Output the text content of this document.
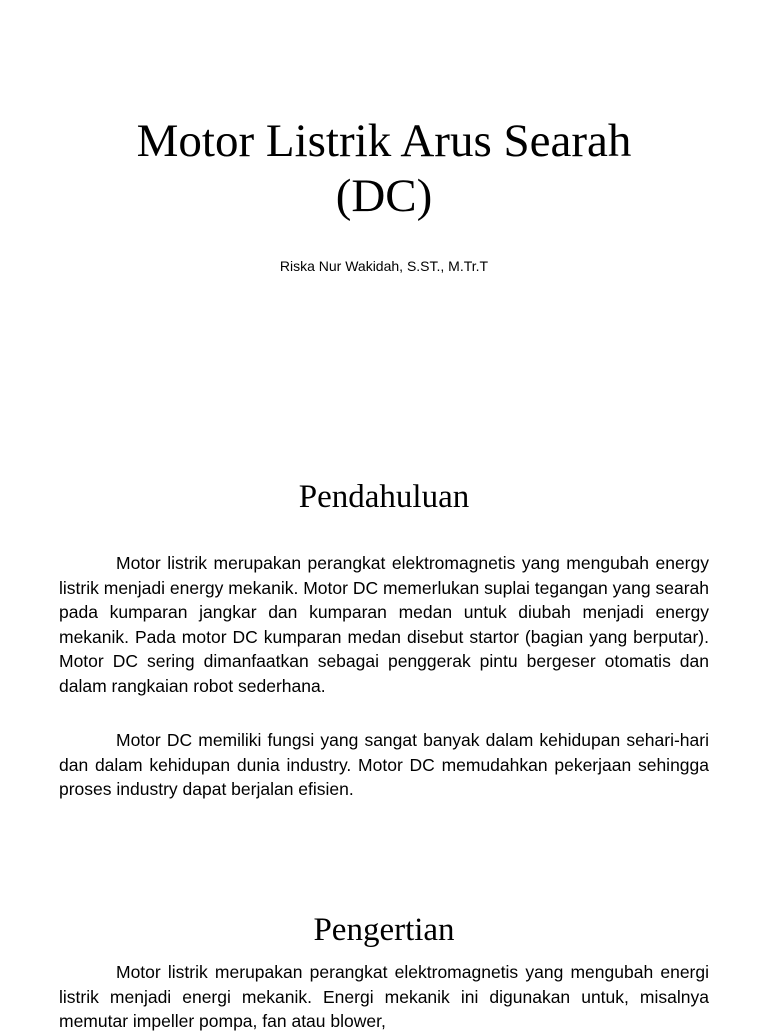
Motor Listrik Arus Searah
(DC)
Riska Nur Wakidah, S.ST., M.Tr.T
Pendahuluan

Motor listrik merupakan perangkat elektromagnetis yang mengubah energy listrik menjadi energy mekanik. Motor DC memerlukan suplai tegangan yang searah pada kumparan jangkar dan kumparan medan untuk diubah menjadi energy mekanik. Pada motor DC kumparan medan disebut startor (bagian yang berputar). Motor DC sering dimanfaatkan sebagai penggerak pintu bergeser otomatis dan dalam rangkaian robot sederhana.

Motor DC memiliki fungsi yang sangat banyak dalam kehidupan sehari-hari dan dalam kehidupan dunia industry. Motor DC memudahkan pekerjaan sehingga proses industry dapat berjalan efisien.

Pengertian

Motor listrik merupakan perangkat elektromagnetis yang mengubah energi listrik menjadi energi mekanik. Energi mekanik ini digunakan untuk, misalnya memutar impeller pompa, fan atau blower,
